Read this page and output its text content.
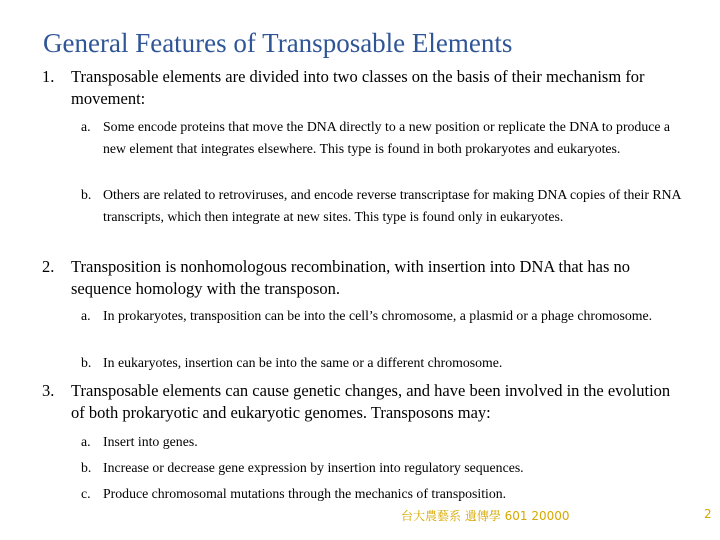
General Features of Transposable Elements
1. Transposable elements are divided into two classes on the basis of their mechanism for movement:
a. Some encode proteins that move the DNA directly to a new position or replicate the DNA to produce a new element that integrates elsewhere. This type is found in both prokaryotes and eukaryotes.
b. Others are related to retroviruses, and encode reverse transcriptase for making DNA copies of their RNA transcripts, which then integrate at new sites. This type is found only in eukaryotes.
2. Transposition is nonhomologous recombination, with insertion into DNA that has no sequence homology with the transposon.
a. In prokaryotes, transposition can be into the cell’s chromosome, a plasmid or a phage chromosome.
b. In eukaryotes, insertion can be into the same or a different chromosome.
3. Transposable elements can cause genetic changes, and have been involved in the evolution of both prokaryotic and eukaryotic genomes. Transposons may:
a. Insert into genes.
b. Increase or decrease gene expression by insertion into regulatory sequences.
c. Produce chromosomal mutations through the mechanics of transposition.
台大農藝系 遺傳學 601 20000	2
